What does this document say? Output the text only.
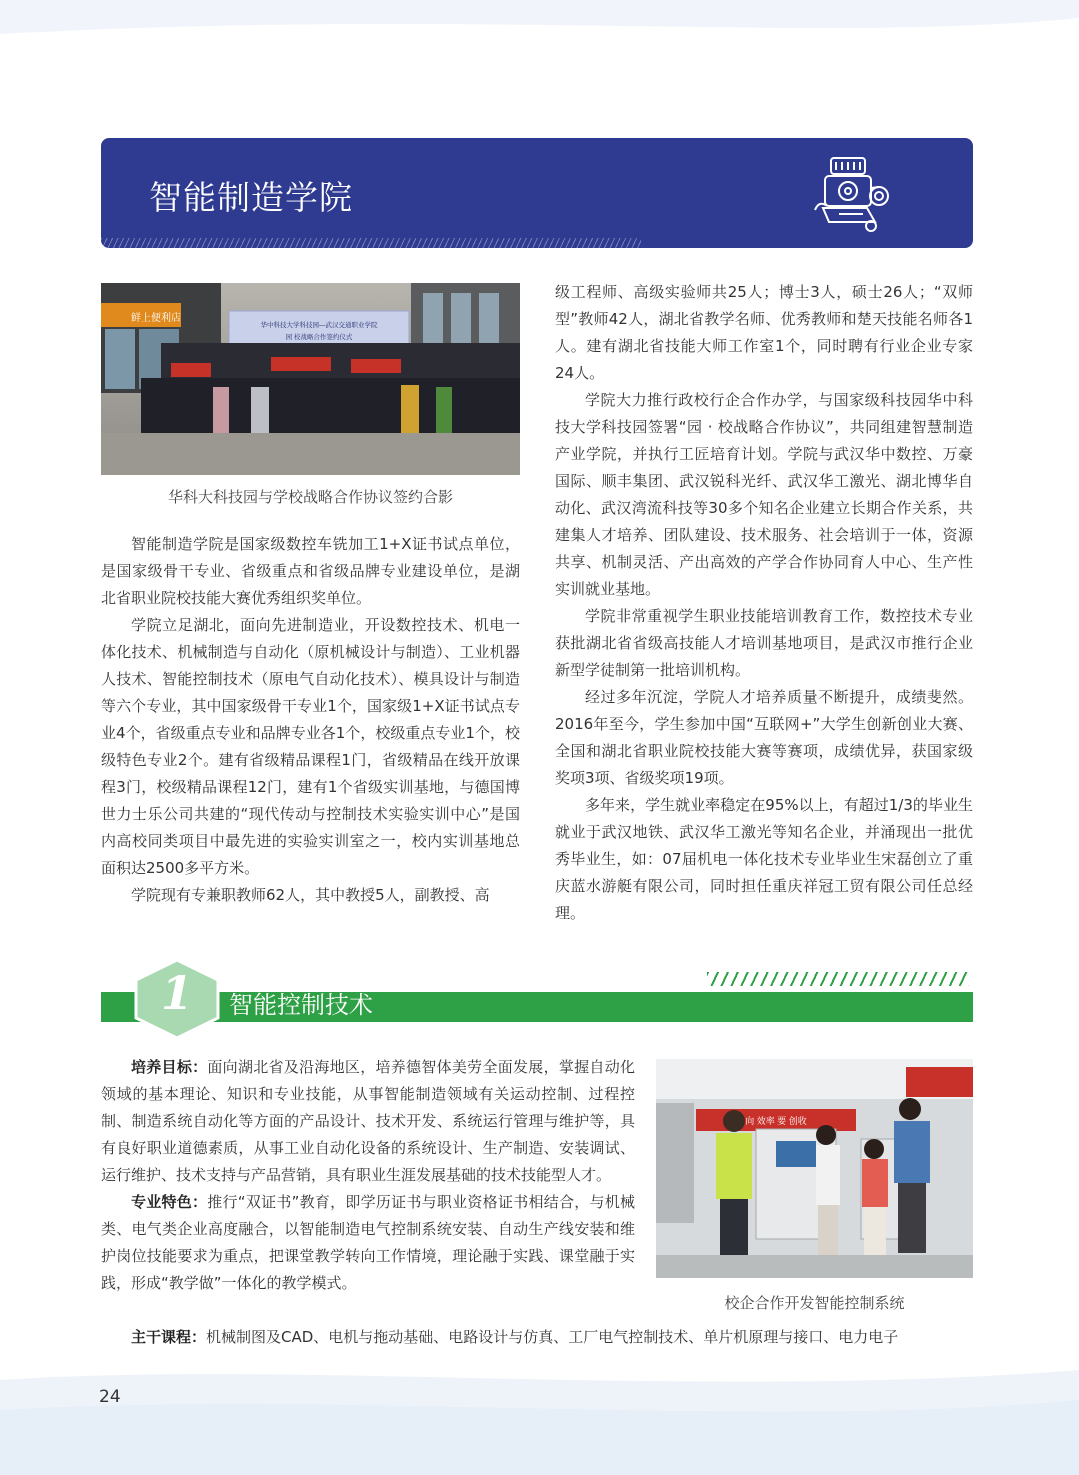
智能制造学院
鲜上便利店
华中科技大学科技园—武汉交通职业学院
园 校战略合作签约仪式
华科大科技园与学校战略合作协议签约合影

智能制造学院是国家级数控车铣加工1+X证书试点单位，是国家级骨干专业、省级重点和省级品牌专业建设单位，是湖北省职业院校技能大赛优秀组织奖单位。

学院立足湖北，面向先进制造业，开设数控技术、机电一体化技术、机械制造与自动化（原机械设计与制造）、工业机器人技术、智能控制技术（原电气自动化技术）、模具设计与制造等六个专业，其中国家级骨干专业1个，国家级1+X证书试点专业4个，省级重点专业和品牌专业各1个，校级重点专业1个，校级特色专业2个。建有省级精品课程1门，省级精品在线开放课程3门，校级精品课程12门，建有1个省级实训基地，与德国博世力士乐公司共建的“现代传动与控制技术实验实训中心”是国内高校同类项目中最先进的实验实训室之一，校内实训基地总面积达2500多平方米。

学院现有专兼职教师62人，其中教授5人，副教授、高

级工程师、高级实验师共25人；博士3人，硕士26人；“双师型”教师42人，湖北省教学名师、优秀教师和楚天技能名师各1人。建有湖北省技能大师工作室1个，同时聘有行业企业专家24人。

学院大力推行政校行企合作办学，与国家级科技园华中科技大学科技园签署“园 · 校战略合作协议”，共同组建智慧制造产业学院，并执行工匠培育计划。学院与武汉华中数控、万豪国际、顺丰集团、武汉锐科光纤、武汉华工激光、湖北博华自动化、武汉湾流科技等30多个知名企业建立长期合作关系，共建集人才培养、团队建设、技术服务、社会培训于一体，资源共享、机制灵活、产出高效的产学合作协同育人中心、生产性实训就业基地。

学院非常重视学生职业技能培训教育工作，数控技术专业获批湖北省省级高技能人才培训基地项目，是武汉市推行企业新型学徒制第一批培训机构。

经过多年沉淀，学院人才培养质量不断提升，成绩斐然。2016年至今，学生参加中国“互联网+”大学生创新创业大赛、全国和湖北省职业院校技能大赛等赛项，成绩优异，获国家级奖项3项、省级奖项19项。

多年来，学生就业率稳定在95%以上，有超过1/3的毕业生就业于武汉地铁、武汉华工激光等知名企业，并涌现出一批优秀毕业生，如：07届机电一体化技术专业毕业生宋磊创立了重庆蓝水游艇有限公司，同时担任重庆祥冠工贸有限公司任总经理。

1	智能控制技术

培养目标：面向湖北省及沿海地区，培养德智体美劳全面发展，掌握自动化领域的基本理论、知识和专业技能，从事智能制造领域有关运动控制、过程控制、制造系统自动化等方面的产品设计、技术开发、系统运行管理与维护等，具有良好职业道德素质，从事工业自动化设备的系统设计、生产制造、安装调试、运行维护、技术支持与产品营销，具有职业生涯发展基础的技术技能型人才。

专业特色：推行“双证书”教育，即学历证书与职业资格证书相结合，与机械类、电气类企业高度融合，以智能制造电气控制系统安装、自动生产线安装和维护岗位技能要求为重点，把课堂教学转向工作情境，理论融于实践、课堂融于实践，形成“教学做”一体化的教学模式。

向 效率 要 创收
校企合作开发智能控制系统

主干课程：机械制图及CAD、电机与拖动基础、电路设计与仿真、工厂电气控制技术、单片机原理与接口、电力电子

24
